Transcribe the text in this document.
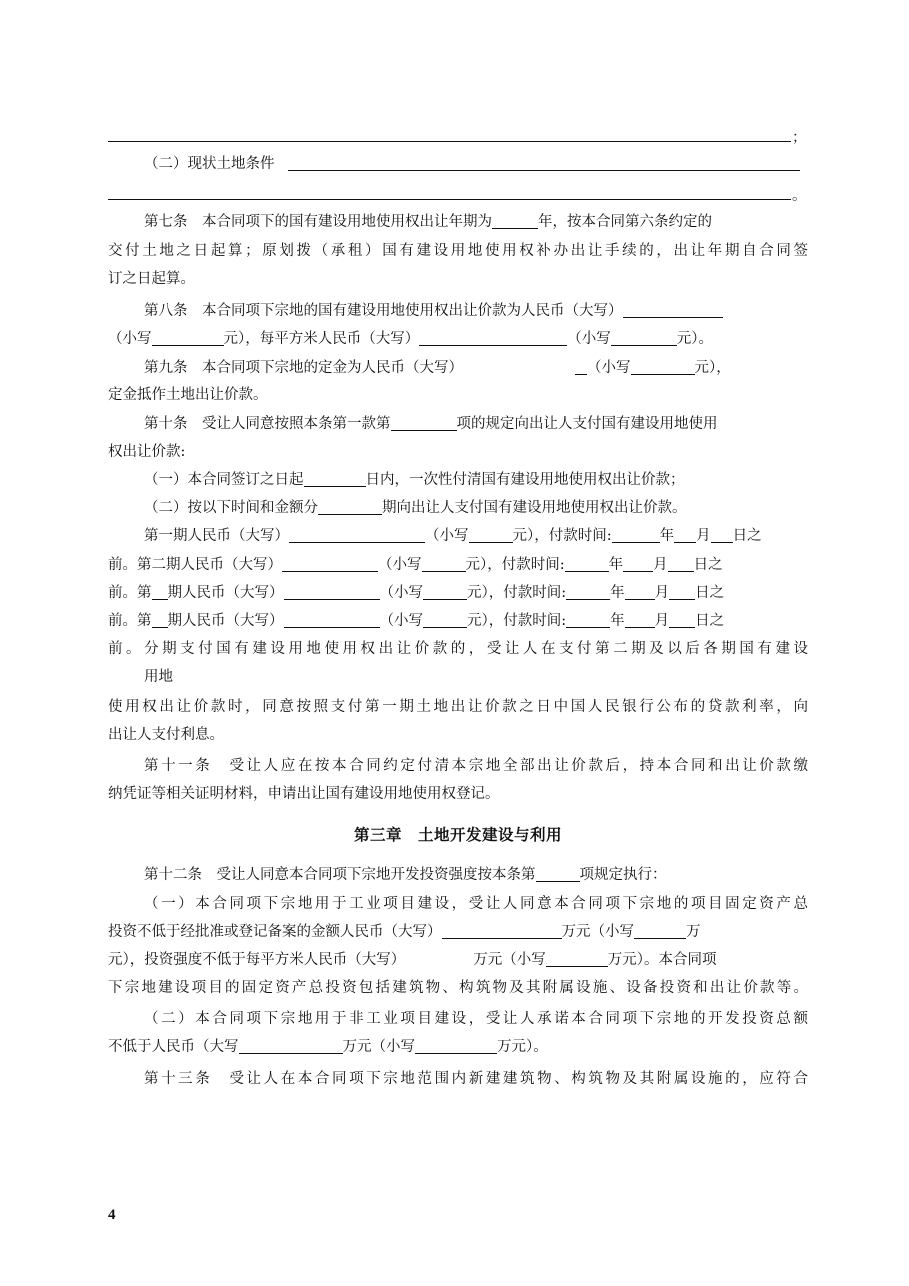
；
（二）现状土地条件
。
第七条　本合同项下的国有建设用地使用权出让年期为	年，按本合同第六条约定的
交付土地之日起算；原划拨（承租）国有建设用地使用权补办出让手续的，出让年期自合同签
订之日起算。
第八条　本合同项下宗地的国有建设用地使用权出让价款为人民币（大写）
（小写	元），每平方米人民币（大写）	（小写	元）。
第九条　本合同项下宗地的定金为人民币（大写）	（小写	元），
定金抵作土地出让价款。
第十条　受让人同意按照本条第一款第	项的规定向出让人支付国有建设用地使用
权出让价款:
（一）本合同签订之日起	日内，一次性付清国有建设用地使用权出让价款；
（二）按以下时间和金额分	期向出让人支付国有建设用地使用权出让价款。
第一期人民币（大写）	（小写	元），付款时间:	年 月 日之
前。第二期人民币（大写）	（小写	元），付款时间:	年 月 日之
前。第 期人民币（大写）	（小写	元），付款时间:	年 月 日之
前。第 期人民币（大写）	（小写	元），付款时间:	年 月 日之
前。分期支付国有建设用地使用权出让价款的，受让人在支付第二期及以后各期国有建设
用地
使用权出让价款时，同意按照支付第一期土地出让价款之日中国人民银行公布的贷款利率，向
出让人支付利息。
第十一条　受让人应在按本合同约定付清本宗地全部出让价款后，持本合同和出让价款缴
纳凭证等相关证明材料，申请出让国有建设用地使用权登记。
第三章　土地开发建设与利用
第十二条　受让人同意本合同项下宗地开发投资强度按本条第	项规定执行：
（一）本合同项下宗地用于工业项目建设，受让人同意本合同项下宗地的项目固定资产总
投资不低于经批准或登记备案的金额人民币（大写）	万元（小写	万
元），投资强度不低于每平方米人民币（大写）	万元（小写	万元）。本合同项
下宗地建设项目的固定资产总投资包括建筑物、构筑物及其附属设施、设备投资和出让价款等。
（二）本合同项下宗地用于非工业项目建设，受让人承诺本合同项下宗地的开发投资总额
不低于人民币（大写	万元（小写	万元）。
第十三条　受让人在本合同项下宗地范围内新建建筑物、构筑物及其附属设施的，应符合
4
